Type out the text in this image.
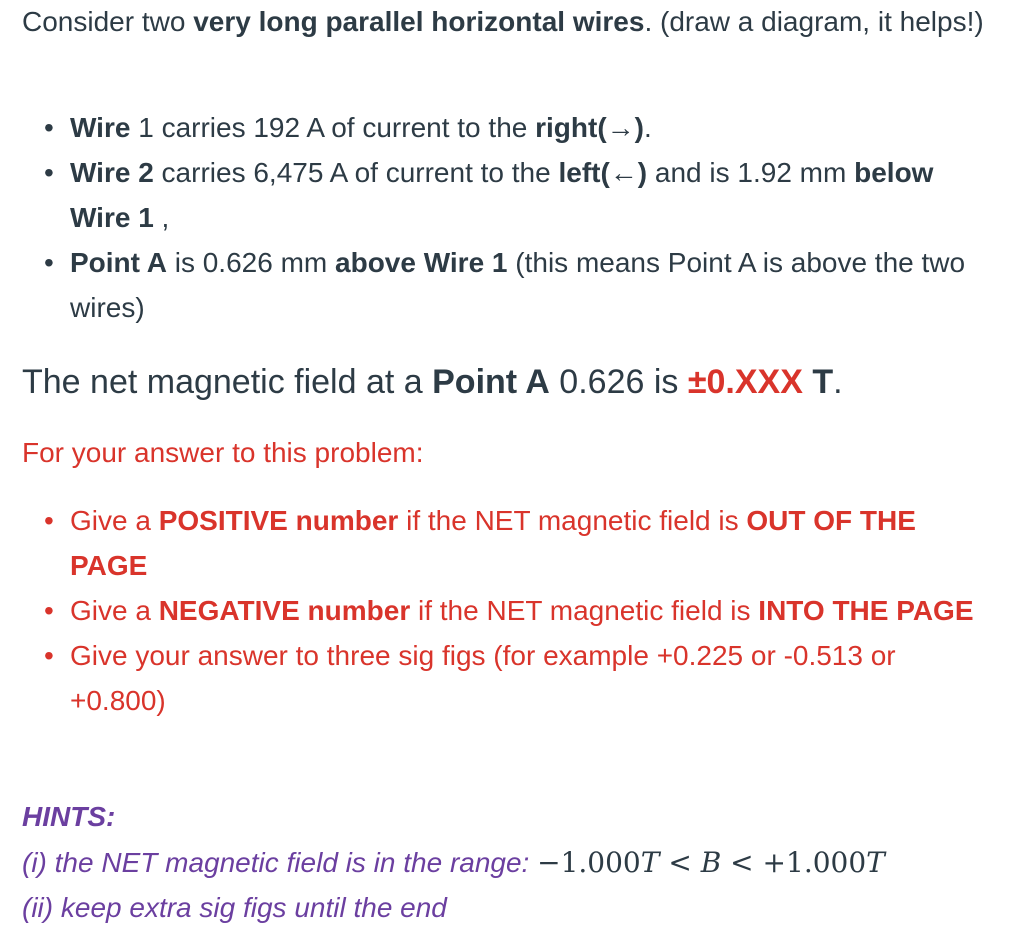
Consider two very long parallel horizontal wires. (draw a diagram, it helps!)

• Wire 1 carries 192 A of current to the right(→).
• Wire 2 carries 6,475 A of current to the left(←) and is 1.92 mm below Wire 1 ,
• Point A is 0.626 mm above Wire 1 (this means Point A is above the two wires)

The net magnetic field at a Point A 0.626 is ±0.XXX T.

For your answer to this problem:

• Give a POSITIVE number if the NET magnetic field is OUT OF THE PAGE
• Give a NEGATIVE number if the NET magnetic field is INTO THE PAGE
• Give your answer to three sig figs (for example +0.225 or -0.513 or +0.800)

HINTS:

(i) the NET magnetic field is in the range: −1.000T < B < +1.000T

(ii) keep extra sig figs until the end
